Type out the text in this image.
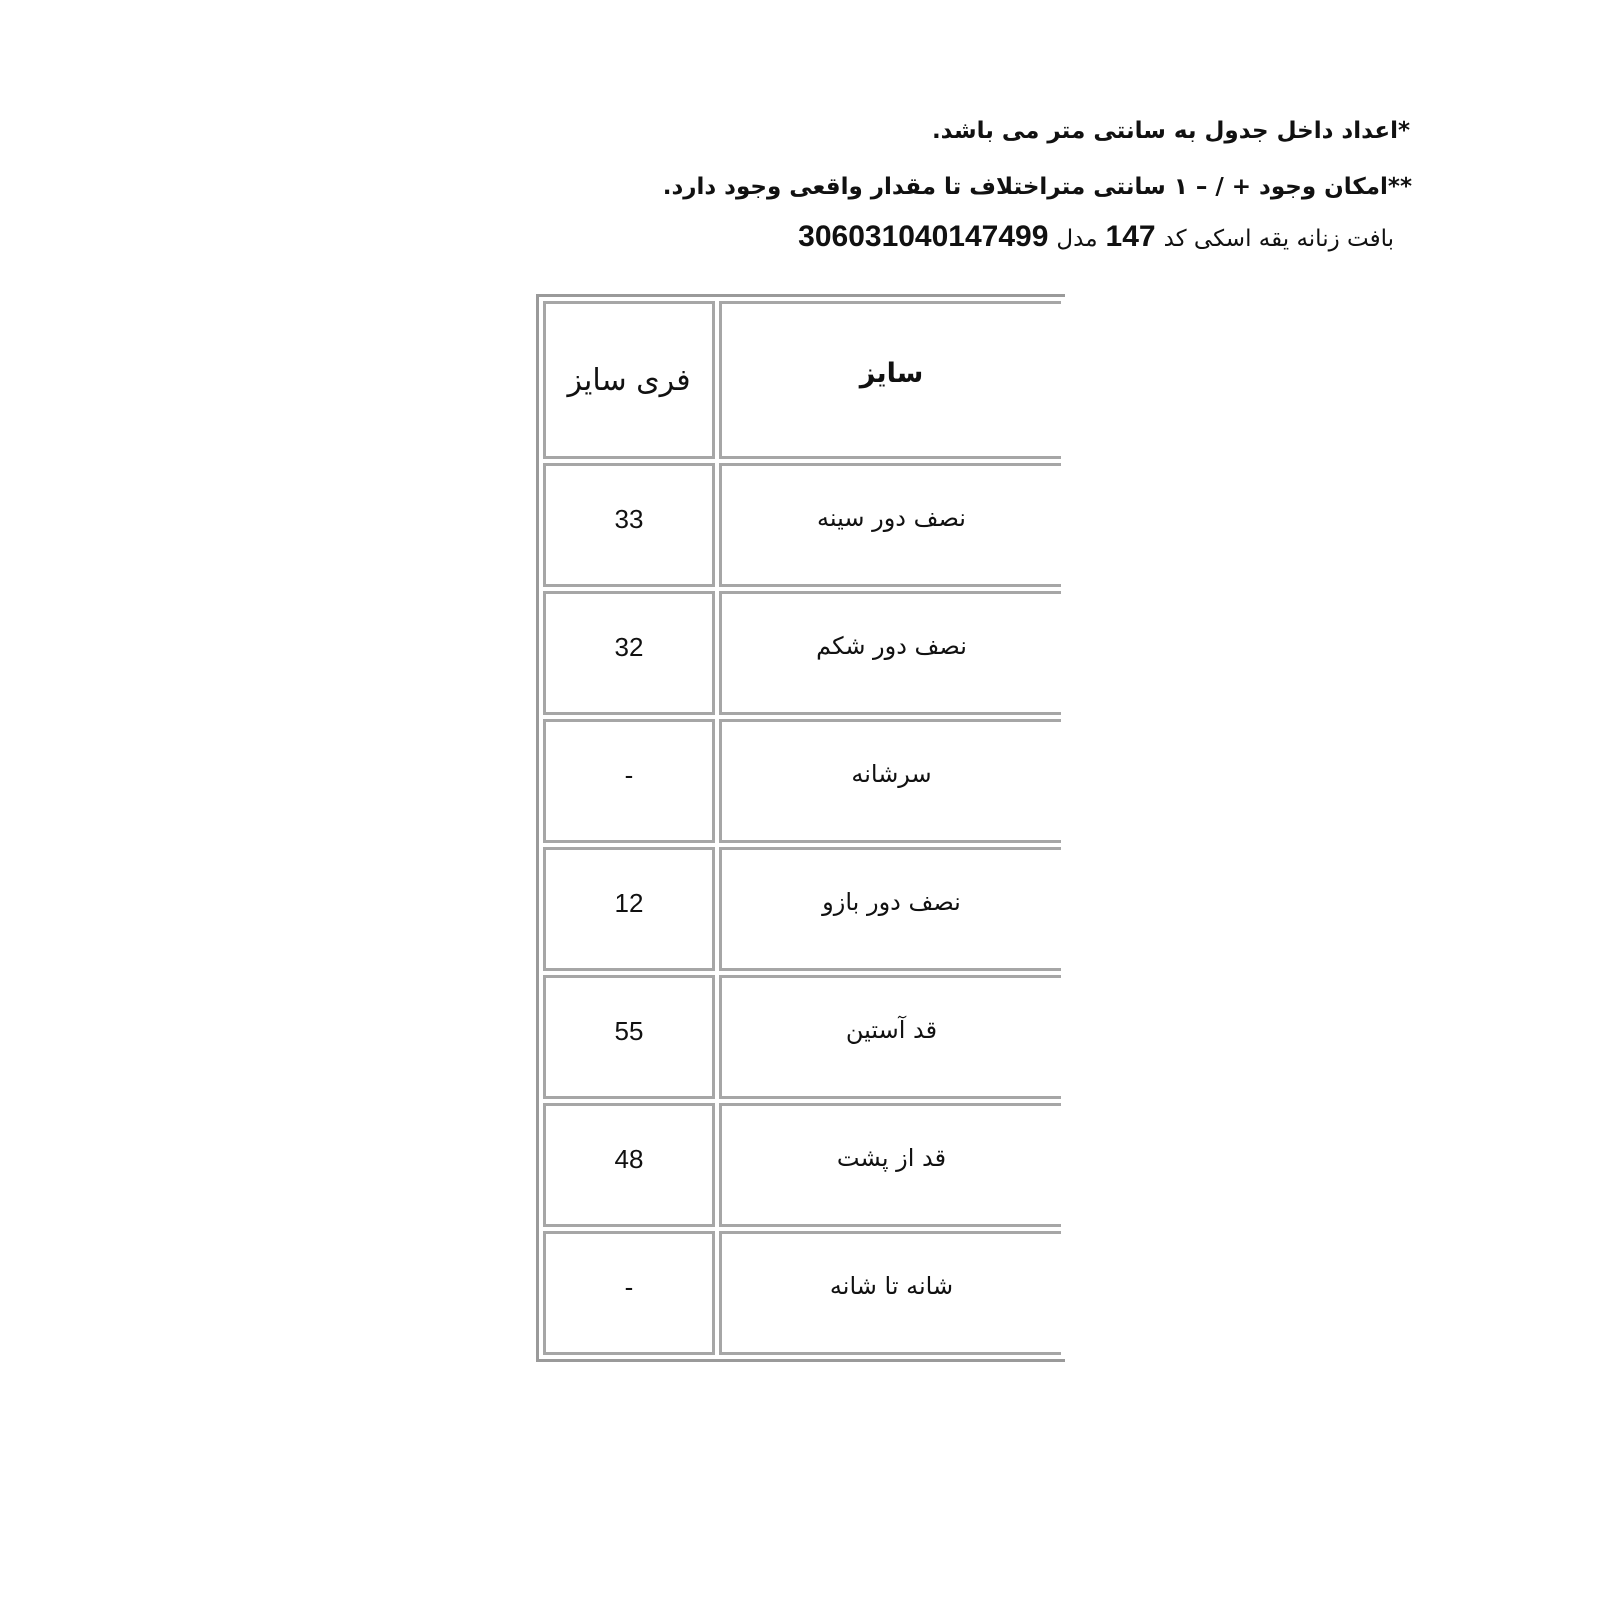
*اعداد داخل جدول به سانتی متر می باشد.
**امکان وجود + / – ۱ سانتی متراختلاف تا مقدار واقعی وجود دارد.
بافت زنانه یقه اسکی کد147مدل306031040147499
فری سایز	سایز

33	نصف دور سینه

32	نصف دور شکم

-	سرشانه

12	نصف دور بازو

55	قد آستین

48	قد از پشت

-	شانه تا شانه
